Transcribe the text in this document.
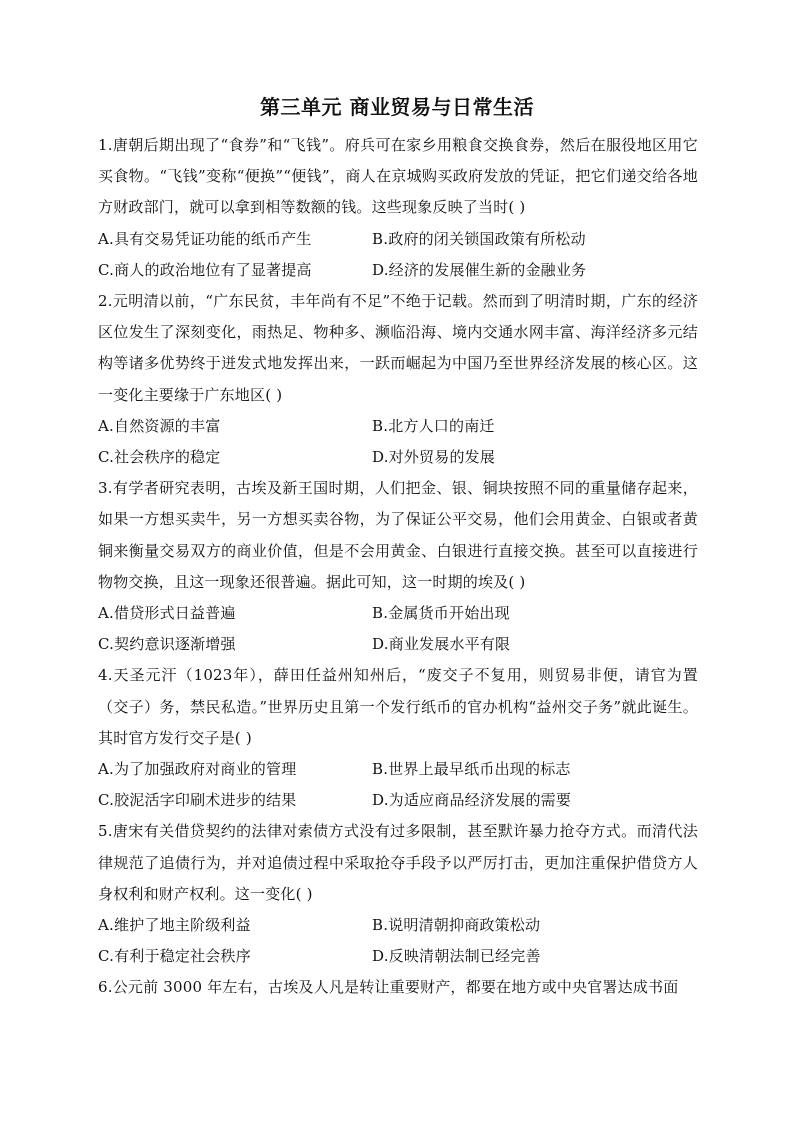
第三单元 商业贸易与日常生活
1.唐朝后期出现了“食券”和“飞钱”。府兵可在家乡用粮食交换食券，然后在服役地区用它买食物。“飞钱”变称“便换”“便钱”，商人在京城购买政府发放的凭证，把它们递交给各地方财政部门，就可以拿到相等数额的钱。这些现象反映了当时( )
A.具有交易凭证功能的纸币产生	B.政府的闭关锁国政策有所松动
C.商人的政治地位有了显著提高	D.经济的发展催生新的金融业务
2.元明清以前，“广东民贫，丰年尚有不足”不绝于记载。然而到了明清时期，广东的经济区位发生了深刻变化，雨热足、物种多、濒临沿海、境内交通水网丰富、海洋经济多元结构等诸多优势终于迸发式地发挥出来，一跃而崛起为中国乃至世界经济发展的核心区。这一变化主要缘于广东地区( )
A.自然资源的丰富	B.北方人口的南迁
C.社会秩序的稳定	D.对外贸易的发展
3.有学者研究表明，古埃及新王国时期，人们把金、银、铜块按照不同的重量储存起来，如果一方想买卖牛，另一方想买卖谷物，为了保证公平交易，他们会用黄金、白银或者黄铜来衡量交易双方的商业价值，但是不会用黄金、白银进行直接交换。甚至可以直接进行物物交换，且这一现象还很普遍。据此可知，这一时期的埃及( )
A.借贷形式日益普遍	B.金属货币开始出现
C.契约意识逐渐增强	D.商业发展水平有限
4.天圣元汗（1023年），薛田任益州知州后，“废交子不复用，则贸易非便，请官为置（交子）务，禁民私造。”世界历史且第一个发行纸币的官办机构“益州交子务”就此诞生。其时官方发行交子是( )
A.为了加强政府对商业的管理	B.世界上最早纸币出现的标志
C.胶泥活字印刷术进步的结果	D.为适应商品经济发展的需要
5.唐宋有关借贷契约的法律对索债方式没有过多限制，甚至默许暴力抢夺方式。而清代法律规范了追债行为，并对追债过程中采取抢夺手段予以严厉打击，更加注重保护借贷方人身权利和财产权利。这一变化( )
A.维护了地主阶级利益	B.说明清朝抑商政策松动
C.有利于稳定社会秩序	D.反映清朝法制已经完善
6.公元前 3000 年左右，古埃及人凡是转让重要财产，都要在地方或中央官署达成书面
